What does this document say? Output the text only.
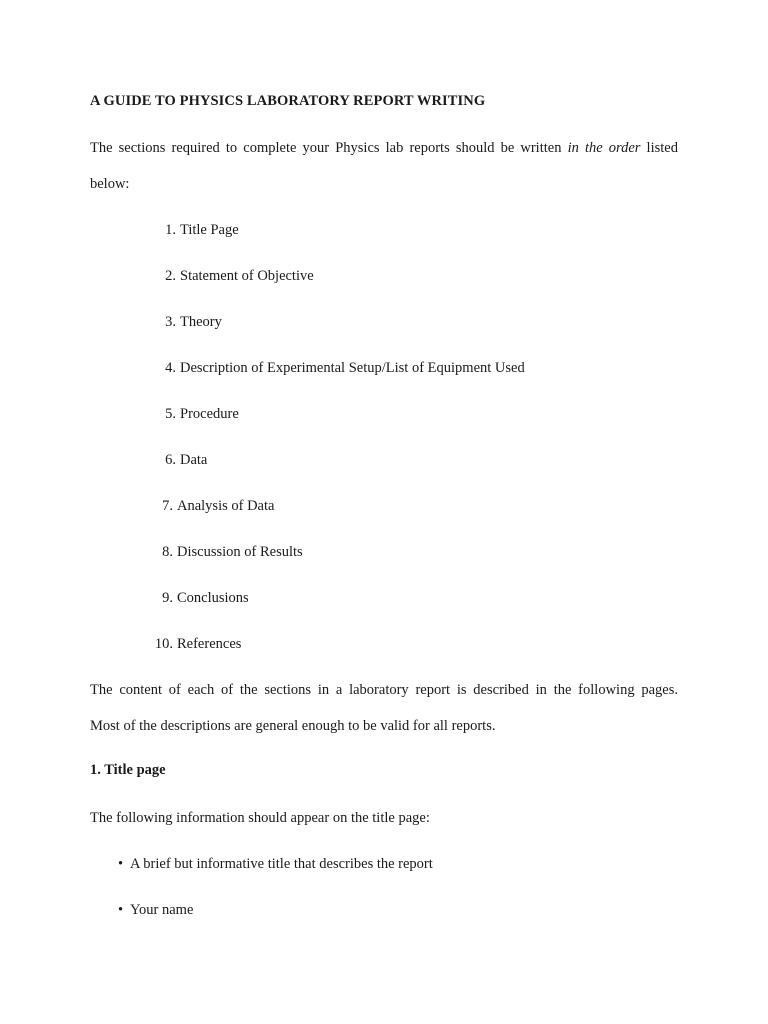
A GUIDE TO PHYSICS LABORATORY REPORT WRITING

The sections required to complete your Physics lab reports should be written in the order listed

below:

1. Title Page
2. Statement of Objective
3. Theory
4. Description of Experimental Setup/List of Equipment Used
5. Procedure
6. Data
7. Analysis of Data
8. Discussion of Results
9. Conclusions
10. References

The content of each of the sections in a laboratory report is described in the following pages.

Most of the descriptions are general enough to be valid for all reports.

1. Title page

The following information should appear on the title page:

• A brief but informative title that describes the report
• Your name
